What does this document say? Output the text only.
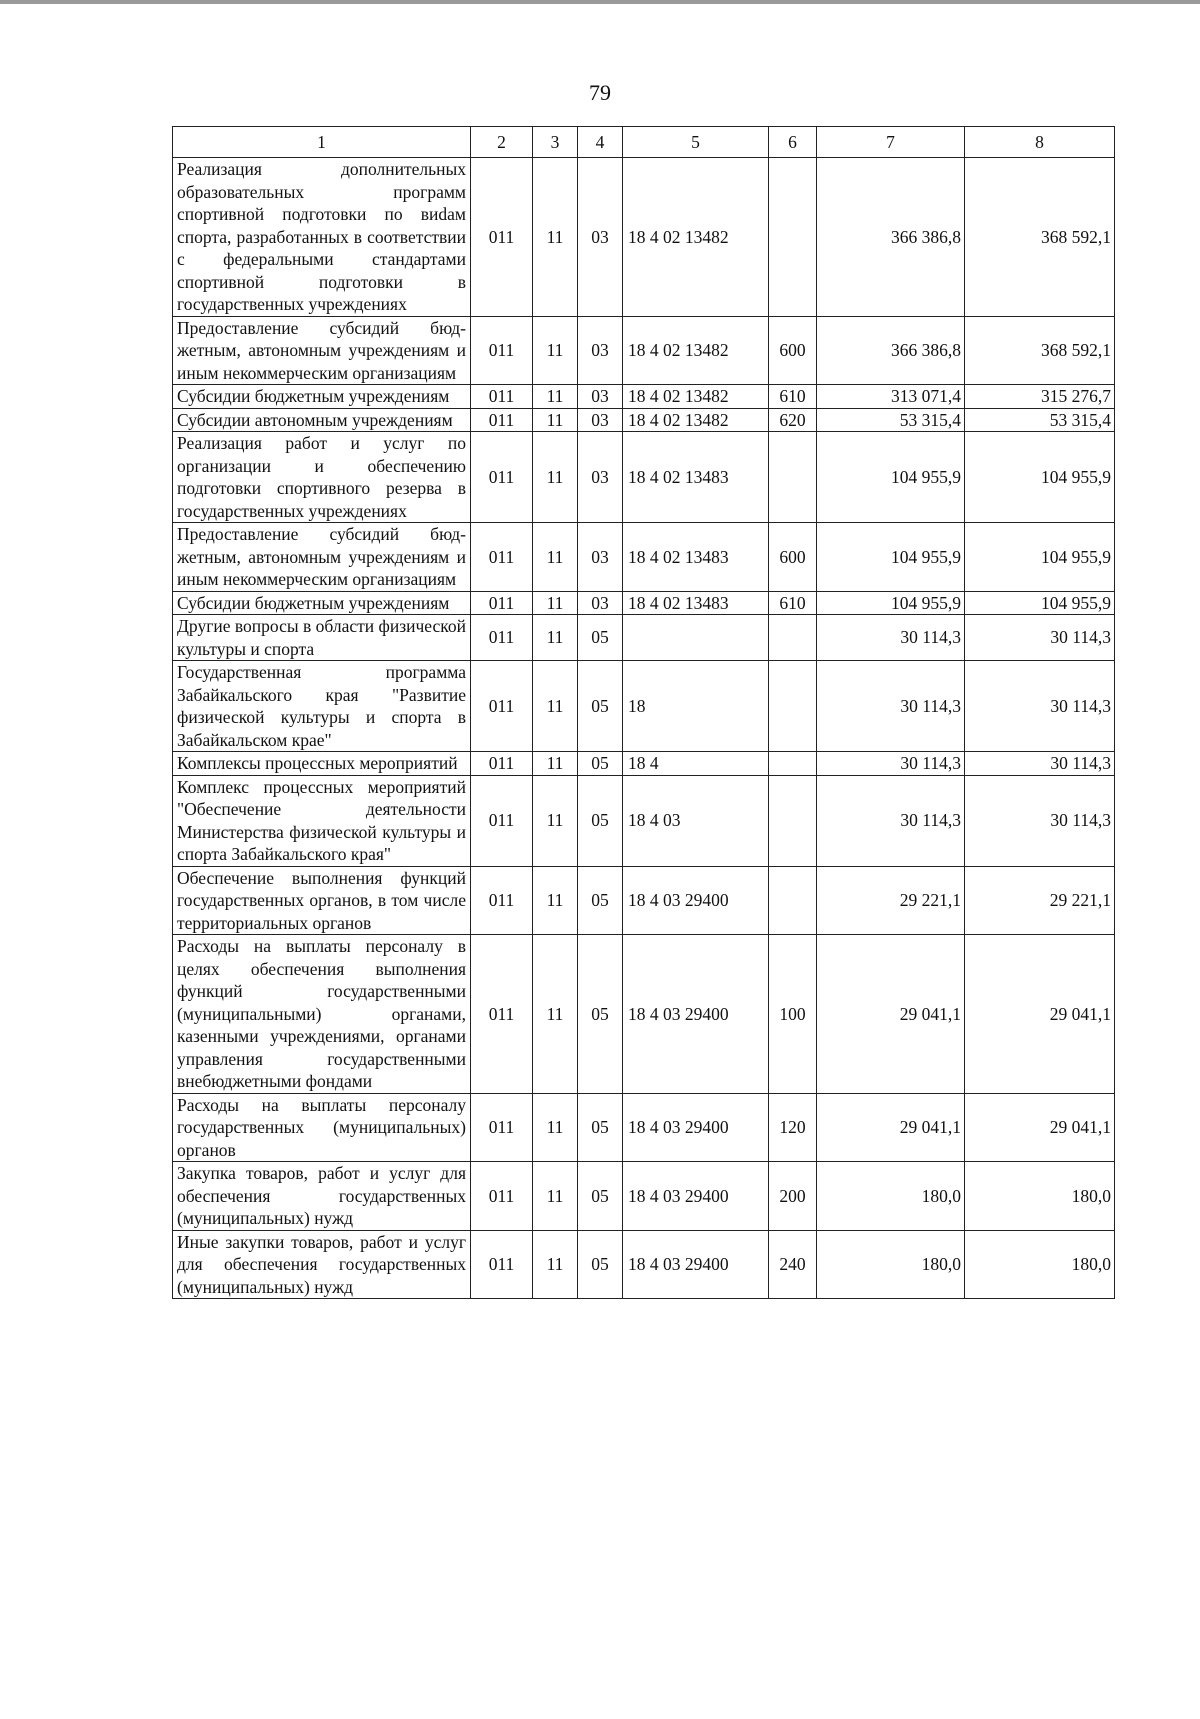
79
1	2	3	4	5	6	7	8
Реализация дополнительных образовательных программ спортивной подготовки по виdам спорта, разработанных в соответствии с федеральными стандартами спортивной подготовки в государственных учреждениях	011	11	03	18 4 02 13482		366 386,8	368 592,1
Предоставление субсидий бюджетным, автономным учреждениям и иным некоммерческим организациям	011	11	03	18 4 02 13482	600	366 386,8	368 592,1
Субсидии бюджетным учреждениям	011	11	03	18 4 02 13482	610	313 071,4	315 276,7
Субсидии автономным учреждениям	011	11	03	18 4 02 13482	620	53 315,4	53 315,4
Реализация работ и услуг по организации и обеспечению подготовки спортивного резерва в государственных учреждениях	011	11	03	18 4 02 13483		104 955,9	104 955,9
Предоставление субсидий бюджетным, автономным учреждениям и иным некоммерческим организациям	011	11	03	18 4 02 13483	600	104 955,9	104 955,9
Субсидии бюджетным учреждениям	011	11	03	18 4 02 13483	610	104 955,9	104 955,9
Другие вопросы в области физической культуры и спорта	011	11	05			30 114,3	30 114,3
Государственная программа Забайкальского края "Развитие физической культуры и спорта в Забайкальском крае"	011	11	05	18		30 114,3	30 114,3
Комплексы процессных мероприятий	011	11	05	18 4		30 114,3	30 114,3
Комплекс процессных мероприятий "Обеспечение деятельности Министерства физической культуры и спорта Забайкальского края"	011	11	05	18 4 03		30 114,3	30 114,3
Обеспечение выполнения функций государственных органов, в том числе территориальных органов	011	11	05	18 4 03 29400		29 221,1	29 221,1
Расходы на выплаты персоналу в целях обеспечения выполнения функций государственными (муниципальными) органами, казенными учреждениями, органами управления государственными внебюджетными фондами	011	11	05	18 4 03 29400	100	29 041,1	29 041,1
Расходы на выплаты персоналу государственных (муниципальных) органов	011	11	05	18 4 03 29400	120	29 041,1	29 041,1
Закупка товаров, работ и услуг для обеспечения государственных (муниципальных) нужд	011	11	05	18 4 03 29400	200	180,0	180,0
Иные закупки товаров, работ и услуг для обеспечения государственных (муниципальных) нужд	011	11	05	18 4 03 29400	240	180,0	180,0
